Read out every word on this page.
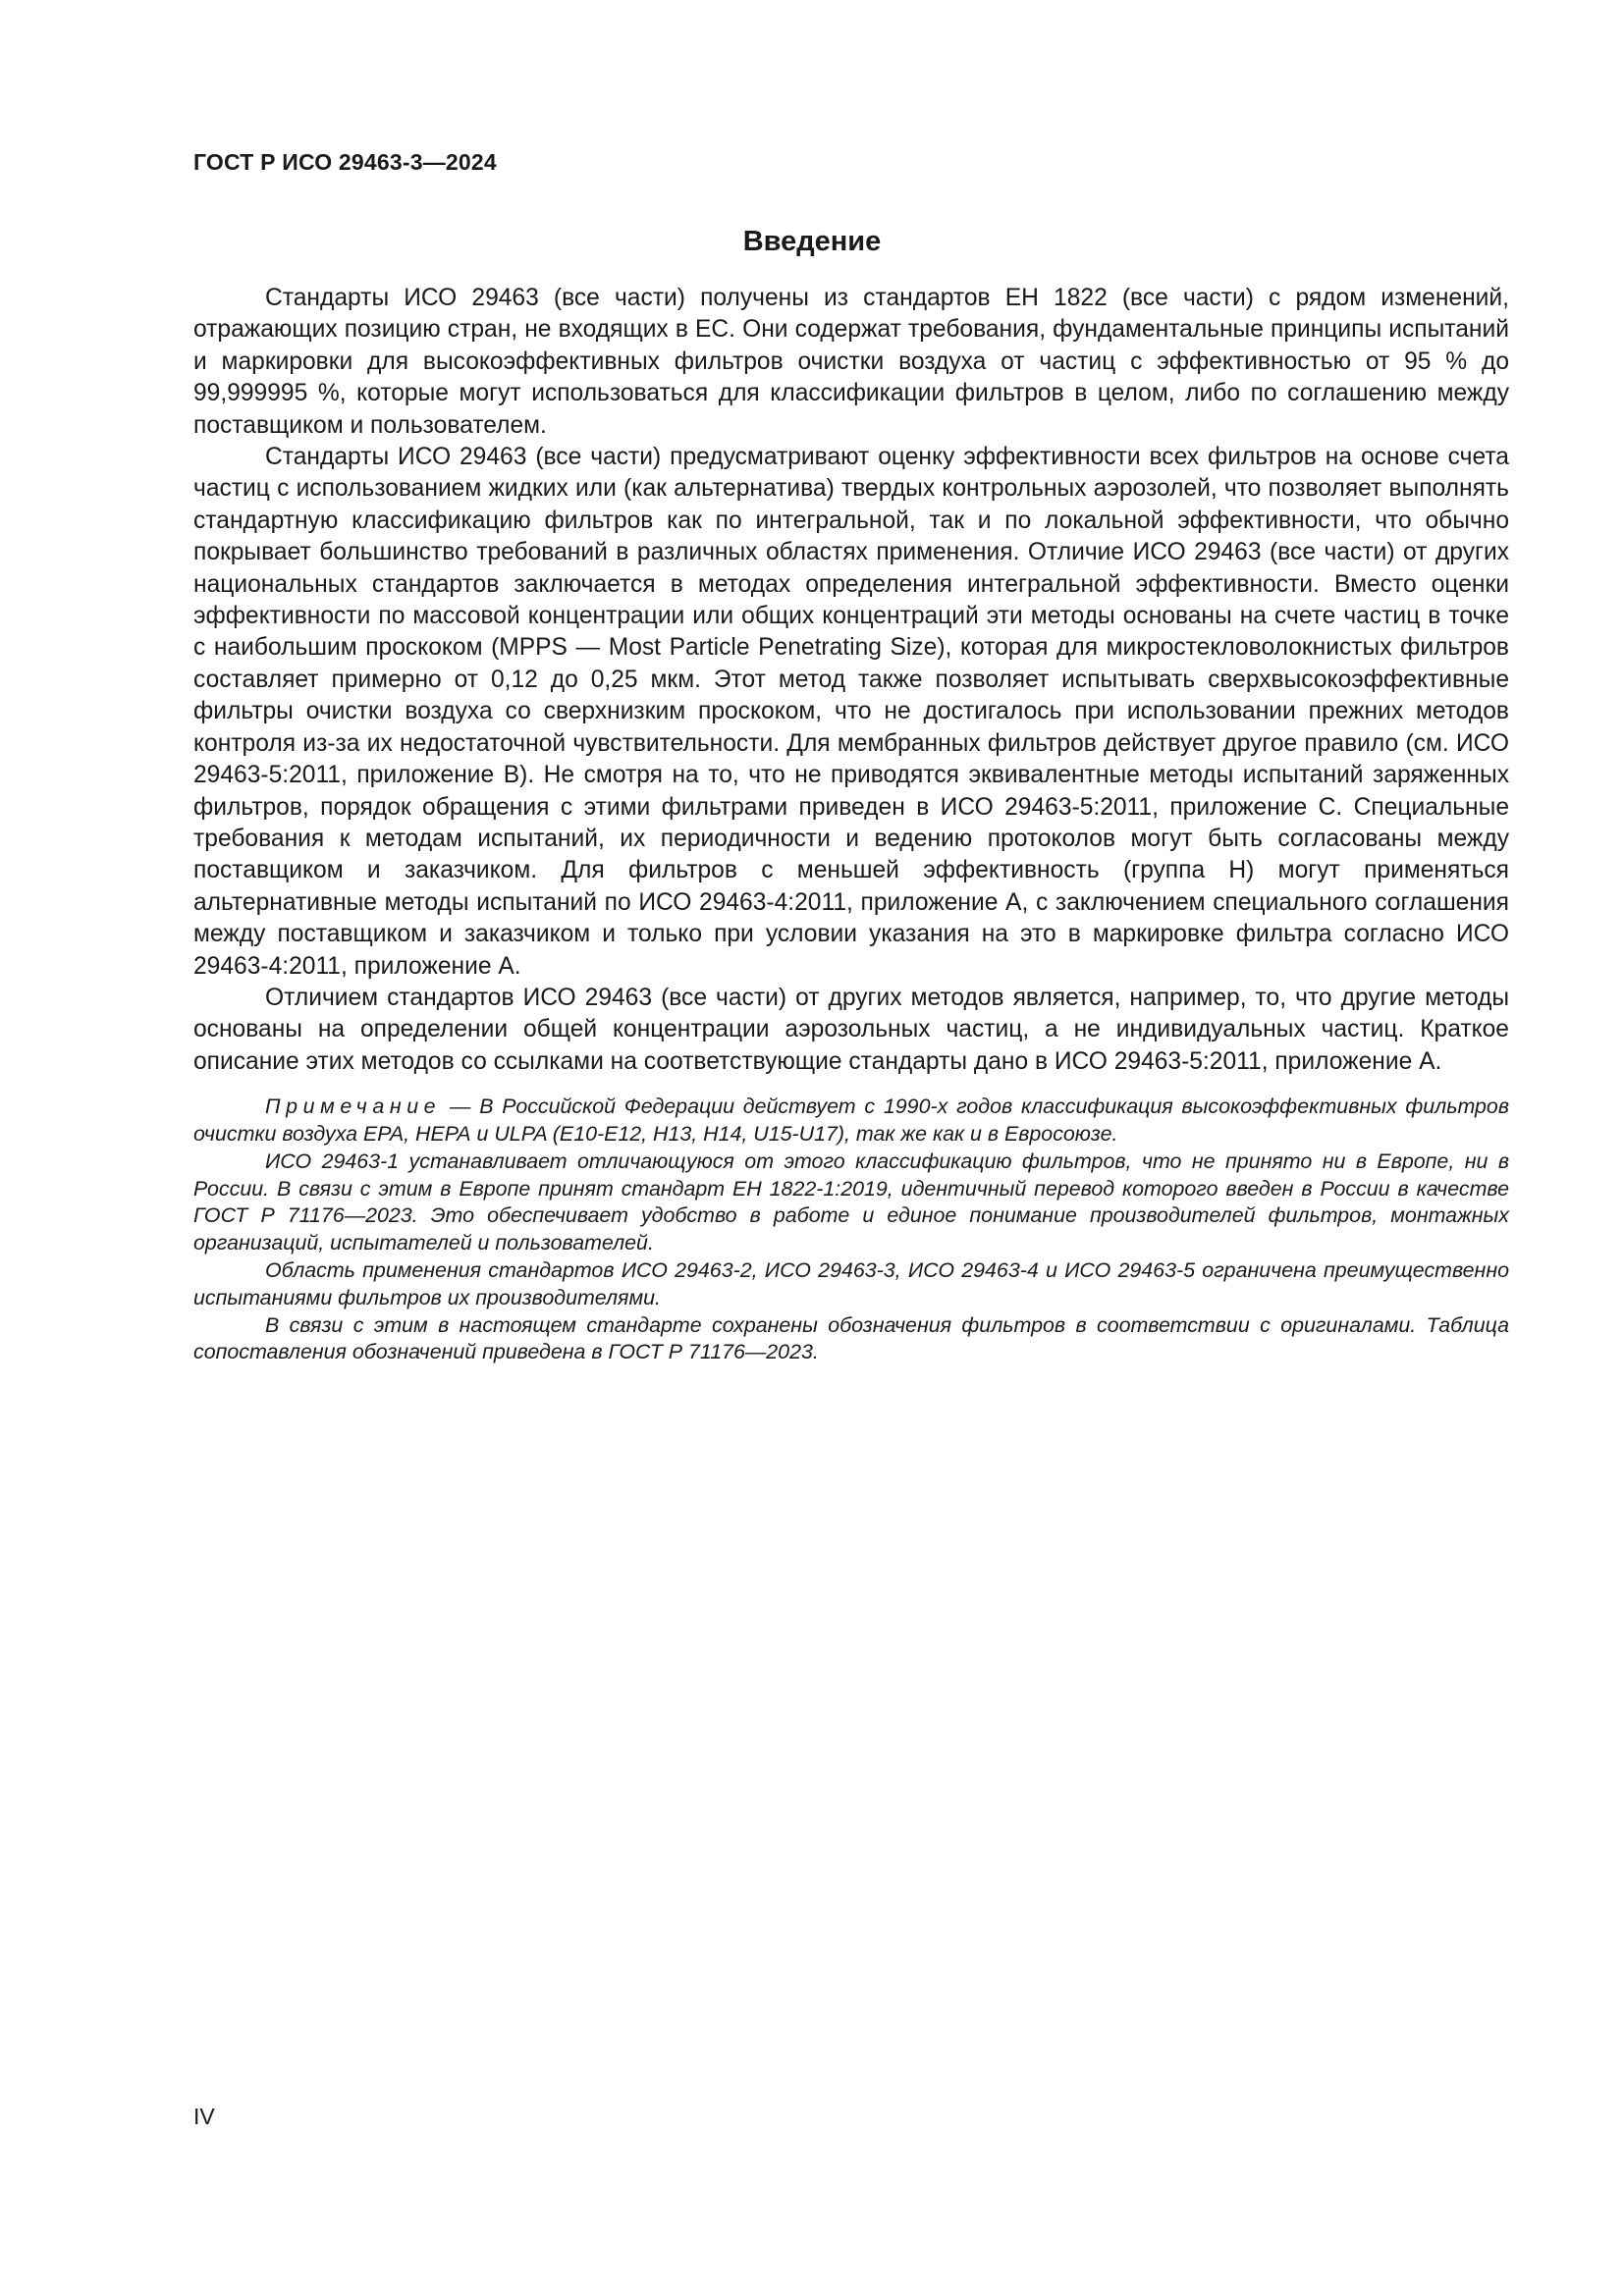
ГОСТ Р ИСО 29463-3—2024
Введение

Стандарты ИСО 29463 (все части) получены из стандартов ЕН 1822 (все части) с рядом изменений, отражающих позицию стран, не входящих в ЕС. Они содержат требования, фундаментальные принципы испытаний и маркировки для высокоэффективных фильтров очистки воздуха от частиц с эффективностью от 95 % до 99,999995 %, которые могут использоваться для классификации фильтров в целом, либо по соглашению между поставщиком и пользователем.

Стандарты ИСО 29463 (все части) предусматривают оценку эффективности всех фильтров на основе счета частиц с использованием жидких или (как альтернатива) твердых контрольных аэрозолей, что позволяет выполнять стандартную классификацию фильтров как по интегральной, так и по локальной эффективности, что обычно покрывает большинство требований в различных областях применения. Отличие ИСО 29463 (все части) от других национальных стандартов заключается в методах определения интегральной эффективности. Вместо оценки эффективности по массовой концентрации или общих концентраций эти методы основаны на счете частиц в точке с наибольшим проскоком (MPPS — Most Particle Penetrating Size), которая для микростекловолокнистых фильтров составляет примерно от 0,12 до 0,25 мкм. Этот метод также позволяет испытывать сверхвысокоэффективные фильтры очистки воздуха со сверхнизким проскоком, что не достигалось при использовании прежних методов контроля из-за их недостаточной чувствительности. Для мембранных фильтров действует другое правило (см. ИСО 29463-5:2011, приложение В). Не смотря на то, что не приводятся эквивалентные методы испытаний заряженных фильтров, порядок обращения с этими фильтрами приведен в ИСО 29463-5:2011, приложение С. Специальные требования к методам испытаний, их периодичности и ведению протоколов могут быть согласованы между поставщиком и заказчиком. Для фильтров с меньшей эффективность (группа Н) могут применяться альтернативные методы испытаний по ИСО 29463-4:2011, приложение А, с заключением специального соглашения между поставщиком и заказчиком и только при условии указания на это в маркировке фильтра согласно ИСО 29463-4:2011, приложение А.

Отличием стандартов ИСО 29463 (все части) от других методов является, например, то, что другие методы основаны на определении общей концентрации аэрозольных частиц, а не индивидуальных частиц. Краткое описание этих методов со ссылками на соответствующие стандарты дано в ИСО 29463-5:2011, приложение А.

Примечание — В Российской Федерации действует с 1990-х годов классификация высокоэффективных фильтров очистки воздуха ЕРА, НЕРА и ULPA (Е10-Е12, Н13, Н14, U15-U17), так же как и в Евросоюзе.

ИСО 29463-1 устанавливает отличающуюся от этого классификацию фильтров, что не принято ни в Европе, ни в России. В связи с этим в Европе принят стандарт ЕН 1822-1:2019, идентичный перевод которого введен в России в качестве ГОСТ Р 71176—2023. Это обеспечивает удобство в работе и единое понимание производителей фильтров, монтажных организаций, испытателей и пользователей.

Область применения стандартов ИСО 29463-2, ИСО 29463-3, ИСО 29463-4 и ИСО 29463-5 ограничена преимущественно испытаниями фильтров их производителями.

В связи с этим в настоящем стандарте сохранены обозначения фильтров в соответствии с оригиналами. Таблица сопоставления обозначений приведена в ГОСТ Р 71176—2023.

IV
